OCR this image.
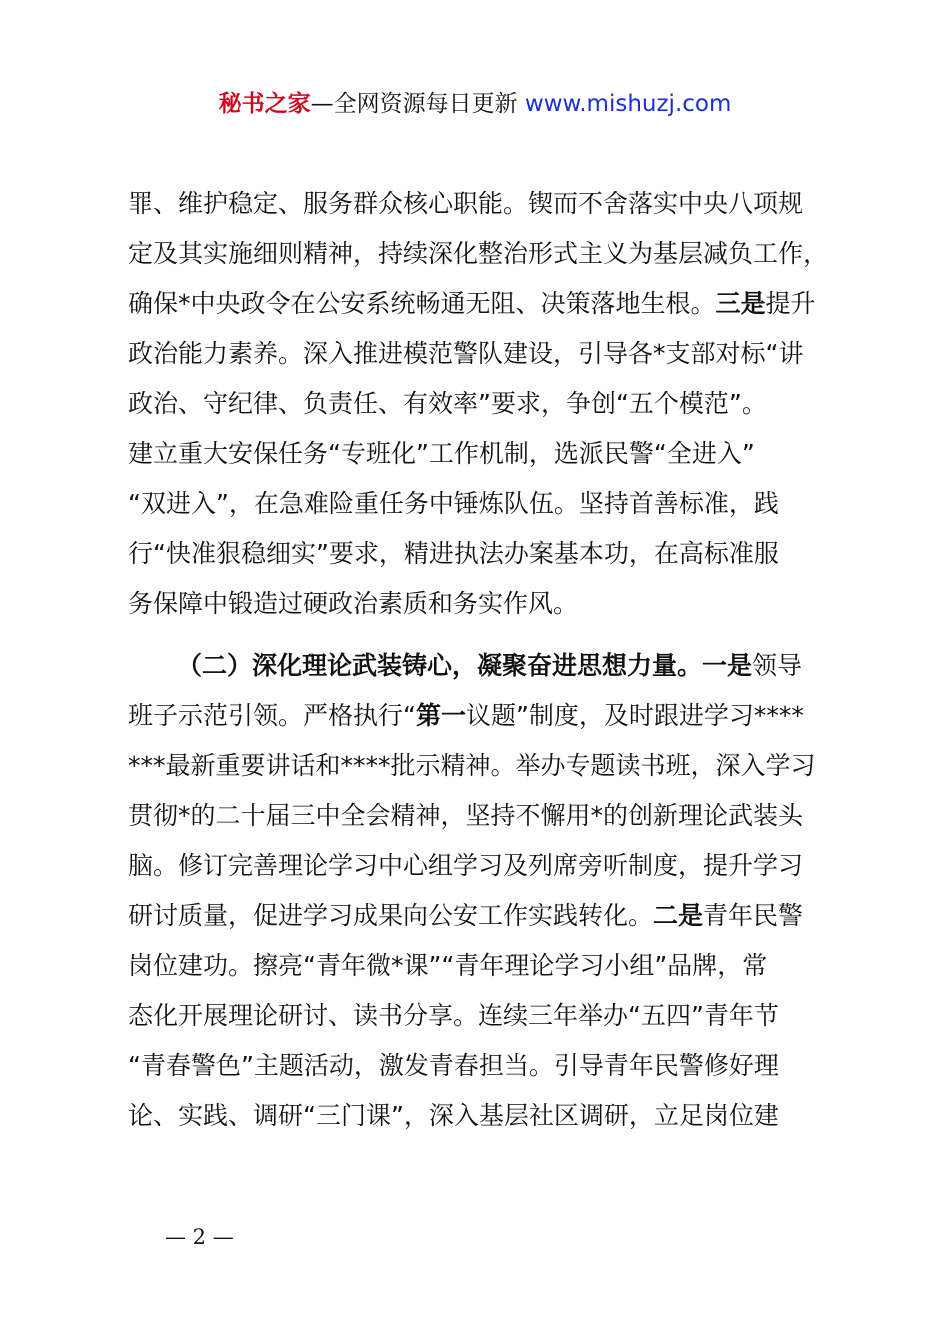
秘书之家—全网资源每日更新 www.mishuzj.com
罪、维护稳定、服务群众核心职能。锲而不舍落实中央八项规
定及其实施细则精神，持续深化整治形式主义为基层减负工作，
确保*中央政令在公安系统畅通无阻、决策落地生根。三是提升
政治能力素养。深入推进模范警队建设，引导各*支部对标“讲
政治、守纪律、负责任、有效率”要求，争创“五个模范”。
建立重大安保任务“专班化”工作机制，选派民警“全进入”
“双进入”，在急难险重任务中锤炼队伍。坚持首善标准，践
行“快准狠稳细实”要求，精进执法办案基本功，在高标准服
务保障中锻造过硬政治素质和务实作风。
（二）深化理论武装铸心，凝聚奋进思想力量。一是领导
班子示范引领。严格执行“第一议题”制度，及时跟进学习****
***最新重要讲话和****批示精神。举办专题读书班，深入学习
贯彻*的二十届三中全会精神，坚持不懈用*的创新理论武装头
脑。修订完善理论学习中心组学习及列席旁听制度，提升学习
研讨质量，促进学习成果向公安工作实践转化。二是青年民警
岗位建功。擦亮“青年微*课”“青年理论学习小组”品牌，常
态化开展理论研讨、读书分享。连续三年举办“五四”青年节
“青春警色”主题活动，激发青春担当。引导青年民警修好理
论、实践、调研“三门课”，深入基层社区调研，立足岗位建
— 2 —
